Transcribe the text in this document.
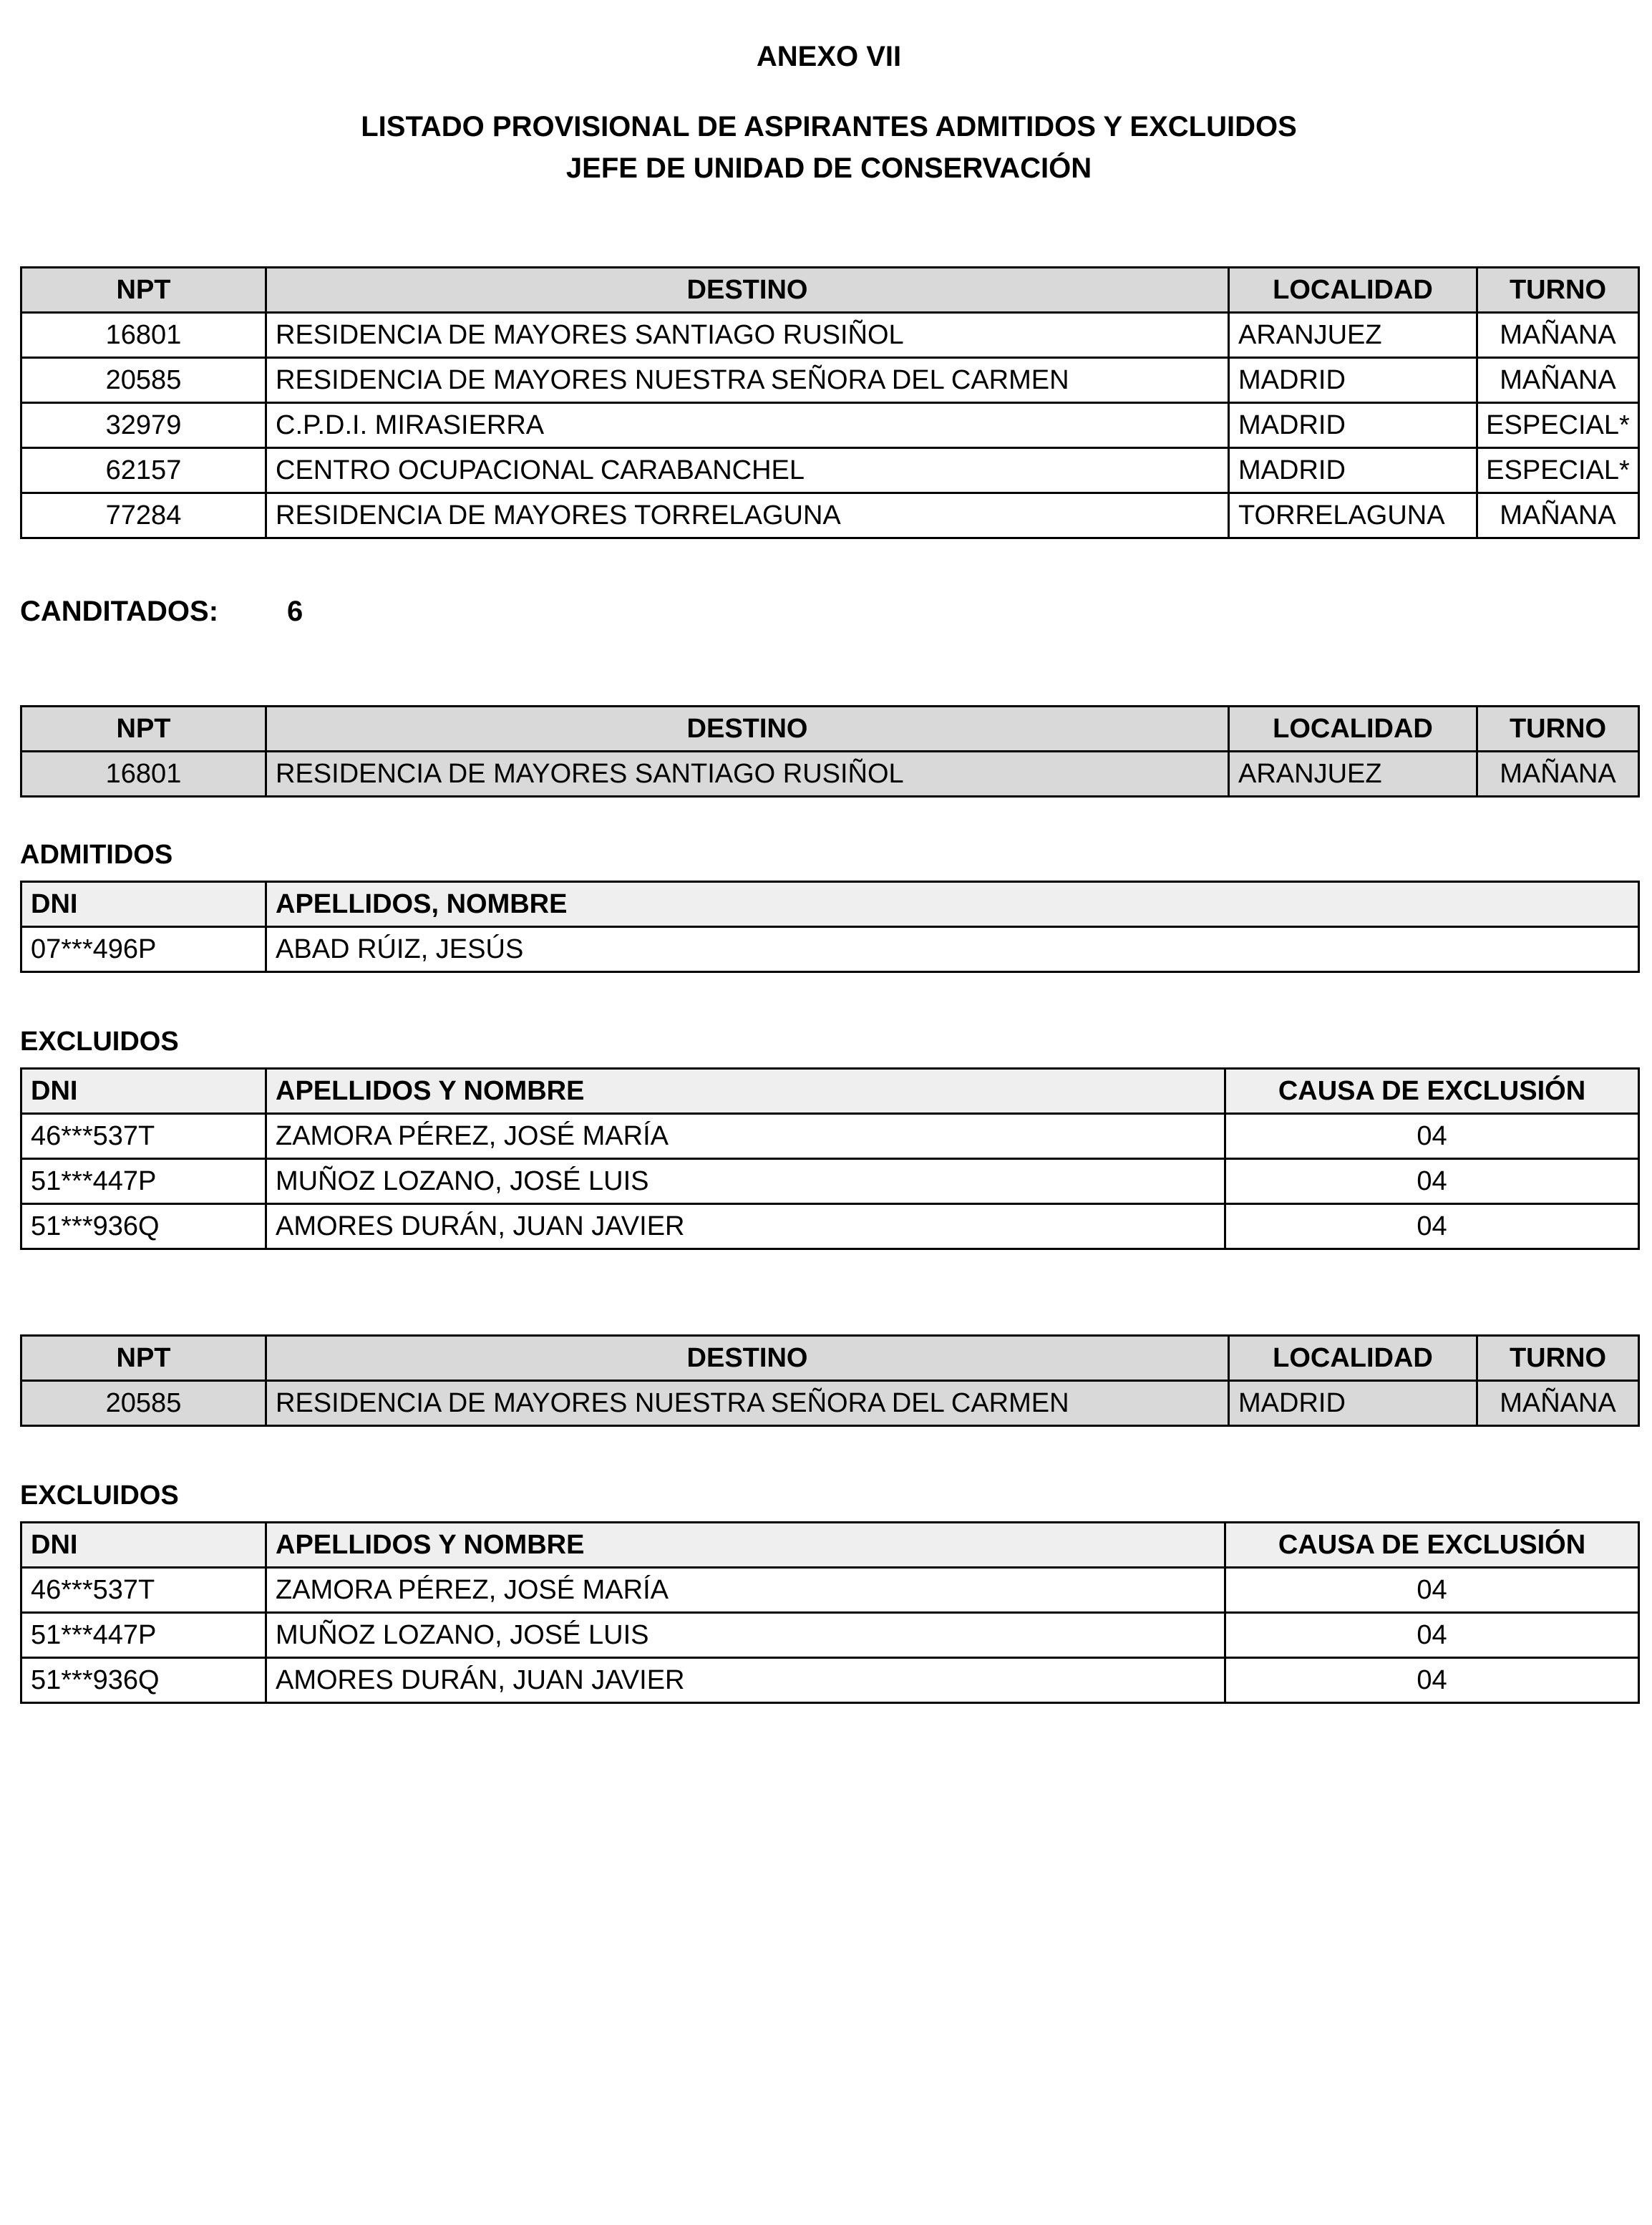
ANEXO VII
LISTADO PROVISIONAL DE ASPIRANTES ADMITIDOS Y EXCLUIDOS
JEFE DE UNIDAD DE CONSERVACIÓN
NPT	DESTINO	LOCALIDAD	TURNO
16801	RESIDENCIA DE MAYORES SANTIAGO RUSIÑOL	ARANJUEZ	MAÑANA
20585	RESIDENCIA DE MAYORES NUESTRA SEÑORA DEL CARMEN	MADRID	MAÑANA
32979	C.P.D.I. MIRASIERRA	MADRID	ESPECIAL*
62157	CENTRO OCUPACIONAL CARABANCHEL	MADRID	ESPECIAL*
77284	RESIDENCIA DE MAYORES TORRELAGUNA	TORRELAGUNA	MAÑANA
CANDITADOS: 6
NPT	DESTINO	LOCALIDAD	TURNO
16801	RESIDENCIA DE MAYORES SANTIAGO RUSIÑOL	ARANJUEZ	MAÑANA
ADMITIDOS
DNI	APELLIDOS, NOMBRE
07***496P	ABAD RÚIZ, JESÚS
EXCLUIDOS
DNI	APELLIDOS Y NOMBRE	CAUSA DE EXCLUSIÓN
46***537T	ZAMORA PÉREZ, JOSÉ MARÍA	04
51***447P	MUÑOZ LOZANO, JOSÉ LUIS	04
51***936Q	AMORES DURÁN, JUAN JAVIER	04
NPT	DESTINO	LOCALIDAD	TURNO
20585	RESIDENCIA DE MAYORES NUESTRA SEÑORA DEL CARMEN	MADRID	MAÑANA
EXCLUIDOS
DNI	APELLIDOS Y NOMBRE	CAUSA DE EXCLUSIÓN
46***537T	ZAMORA PÉREZ, JOSÉ MARÍA	04
51***447P	MUÑOZ LOZANO, JOSÉ LUIS	04
51***936Q	AMORES DURÁN, JUAN JAVIER	04
